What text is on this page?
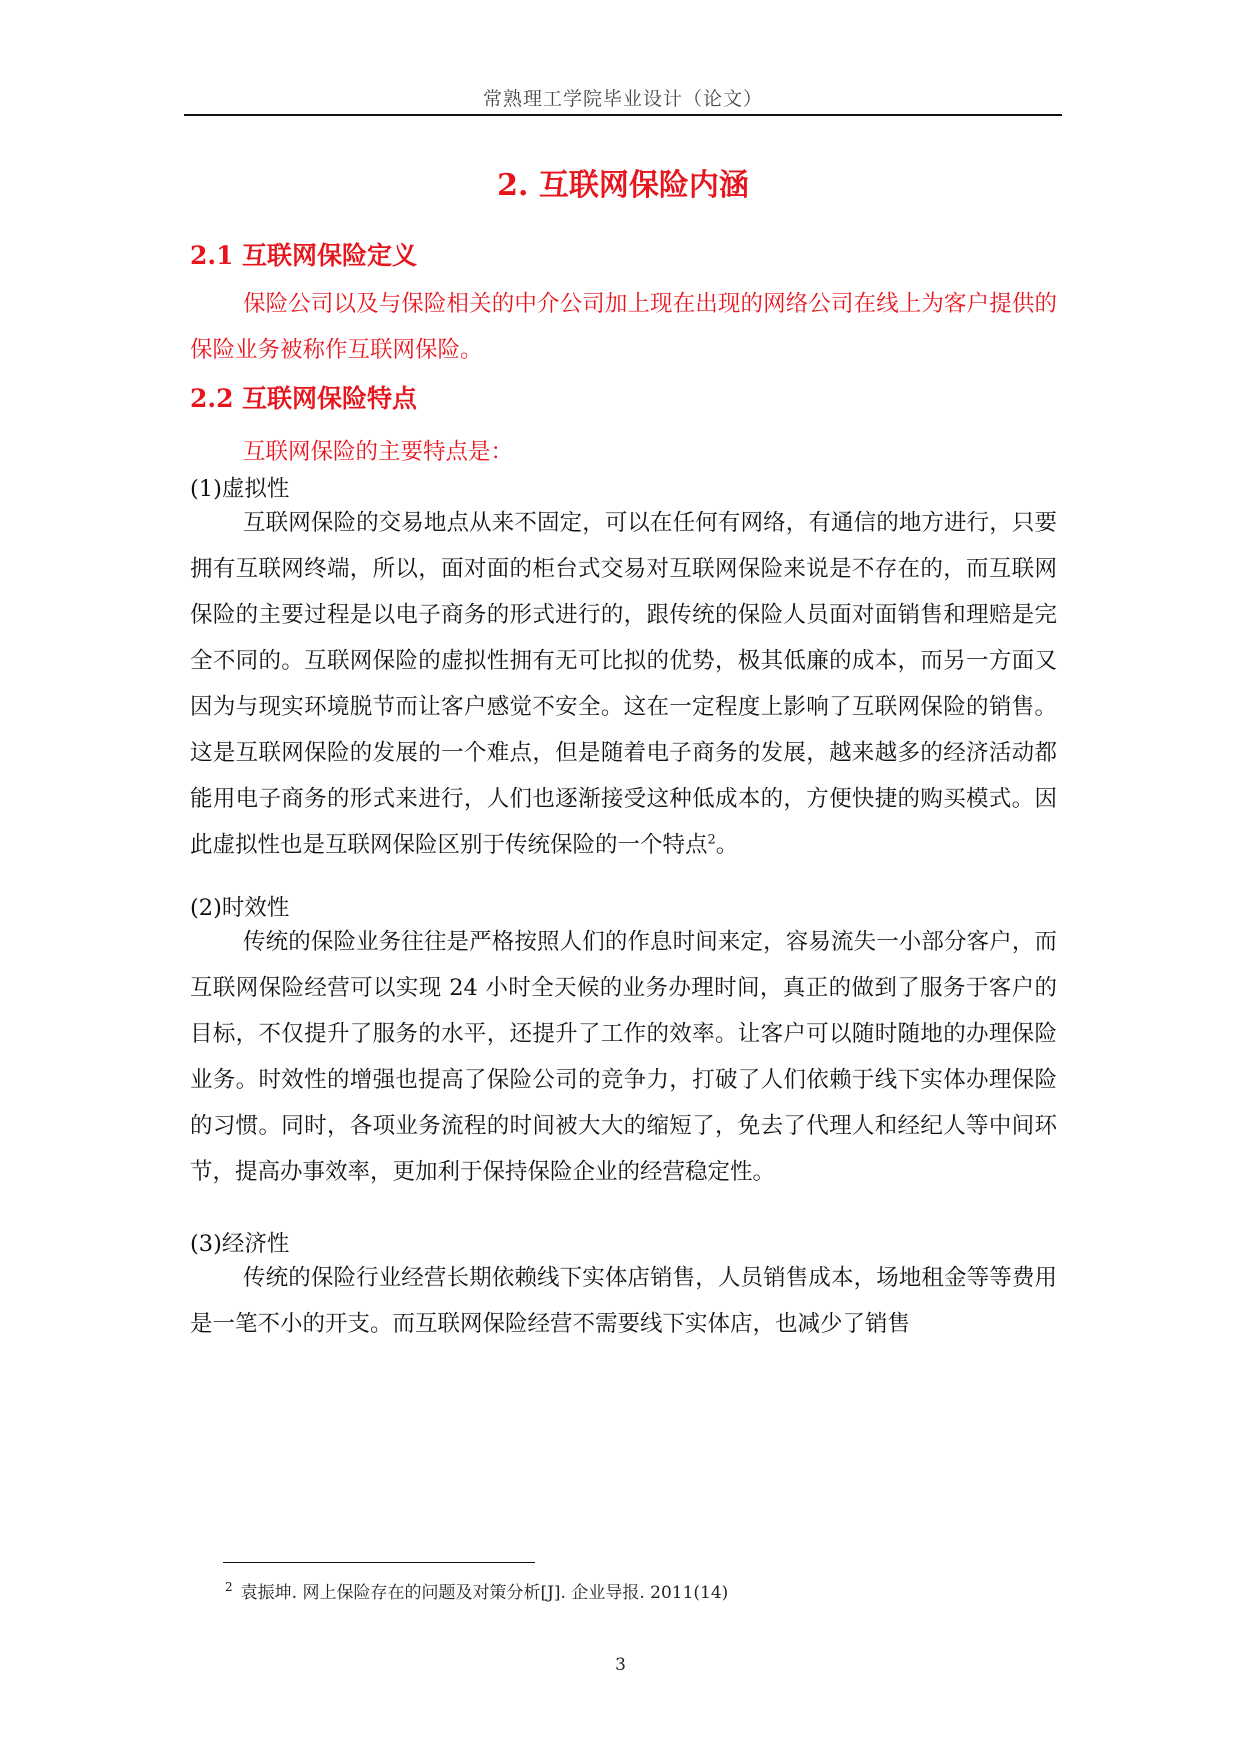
常熟理工学院毕业设计（论文）
2. 互联网保险内涵
2.1 互联网保险定义

保险公司以及与保险相关的中介公司加上现在出现的网络公司在线上为客户提供的保险业务被称作互联网保险。

2.2 互联网保险特点
互联网保险的主要特点是：
(1)虚拟性

互联网保险的交易地点从来不固定，可以在任何有网络，有通信的地方进行，只要拥有互联网终端，所以，面对面的柜台式交易对互联网保险来说是不存在的，而互联网保险的主要过程是以电子商务的形式进行的，跟传统的保险人员面对面销售和理赔是完全不同的。互联网保险的虚拟性拥有无可比拟的优势，极其低廉的成本，而另一方面又因为与现实环境脱节而让客户感觉不安全。这在一定程度上影响了互联网保险的销售。这是互联网保险的发展的一个难点，但是随着电子商务的发展，越来越多的经济活动都能用电子商务的形式来进行，人们也逐渐接受这种低成本的，方便快捷的购买模式。因此虚拟性也是互联网保险区别于传统保险的一个特点$^2$。

(2)时效性

传统的保险业务往往是严格按照人们的作息时间来定，容易流失一小部分客户，而互联网保险经营可以实现 24 小时全天候的业务办理时间，真正的做到了服务于客户的目标，不仅提升了服务的水平，还提升了工作的效率。让客户可以随时随地的办理保险业务。时效性的增强也提高了保险公司的竞争力，打破了人们依赖于线下实体办理保险的习惯。同时，各项业务流程的时间被大大的缩短了，免去了代理人和经纪人等中间环节，提高办事效率，更加利于保持保险企业的经营稳定性。

(3)经济性

传统的保险行业经营长期依赖线下实体店销售，人员销售成本，场地租金等等费用是一笔不小的开支。而互联网保险经营不需要线下实体店，也减少了销售

$^2$ 袁振坤. 网上保险存在的问题及对策分析[J]. 企业导报. 2011(14)
3
